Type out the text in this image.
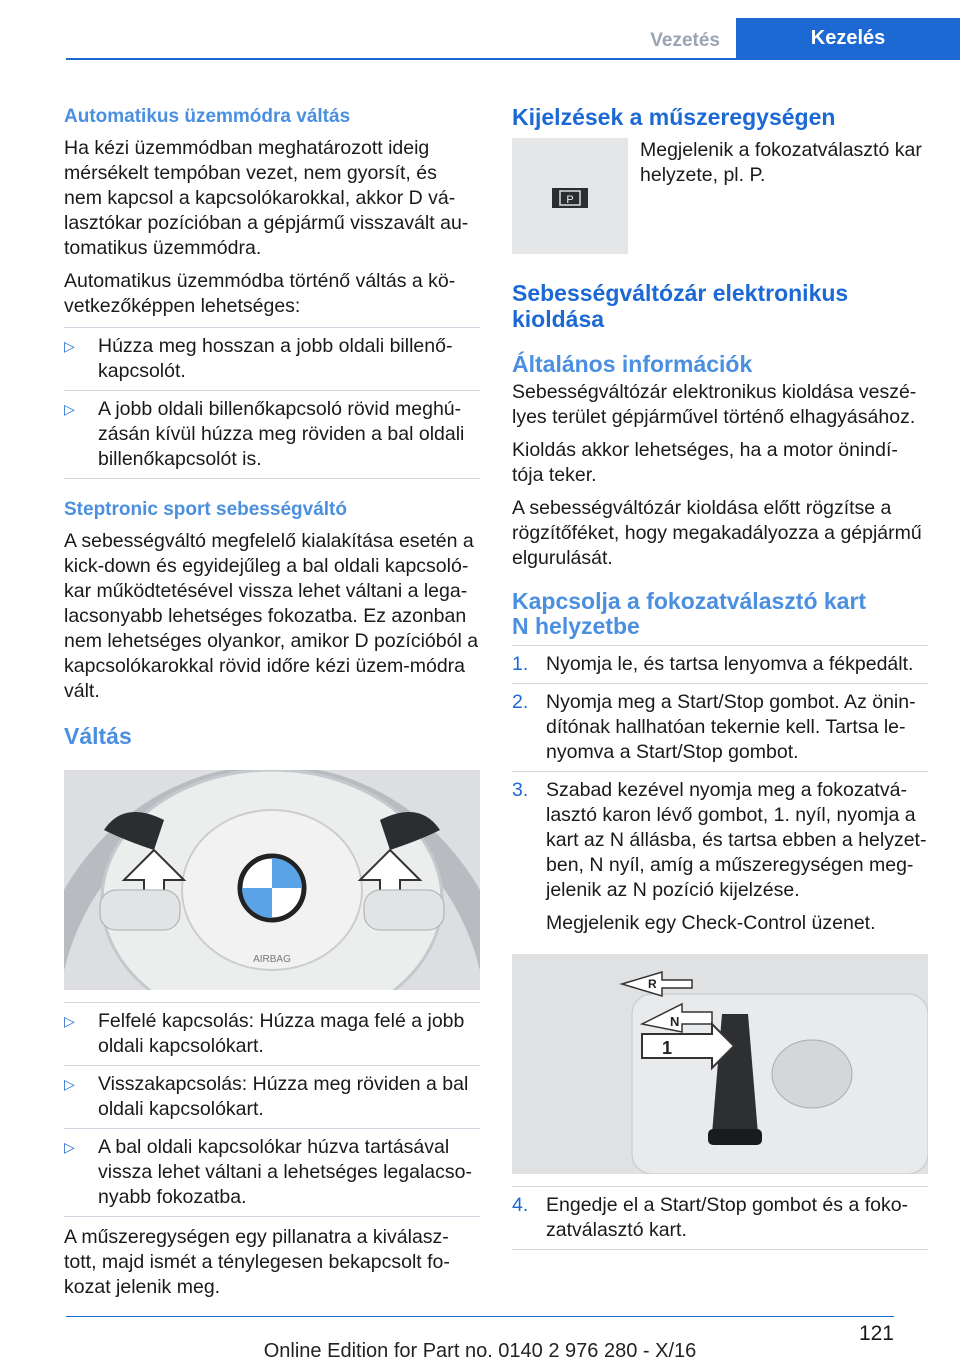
Vezetés	Kezelés
Automatikus üzemmódra váltás

Ha kézi üzemmódban meghatározott ideig mérsékelt tempóban vezet, nem gyorsít, és nem kapcsol a kapcsolókarokkal, akkor D vá-lasztókar pozícióban a gépjármű visszavált au-tomatikus üzemmódra.

Automatikus üzemmódba történő váltás a kö-vetkezőképpen lehetséges:

▷ Húzza meg hosszan a jobb oldali billenő-kapcsolót.
▷ A jobb oldali billenőkapcsoló rövid meghú-zásán kívül húzza meg röviden a bal oldali billenőkapcsolót is.
Steptronic sport sebességváltó

A sebességváltó megfelelő kialakítása esetén a kick-down és egyidejűleg a bal oldali kapcsoló-kar működtetésével vissza lehet váltani a lega-lacsonyabb lehetséges fokozatba. Ez azonban nem lehetséges olyankor, amikor D pozícióból a kapcsolókarokkal rövid időre kézi üzem-módra vált.

Váltás
AIRBAG
▷ Felfelé kapcsolás: Húzza maga felé a jobb oldali kapcsolókart.
▷ Visszakapcsolás: Húzza meg röviden a bal oldali kapcsolókart.
▷ A bal oldali kapcsolókar húzva tartásával vissza lehet váltani a lehetséges legalacso-nyabb fokozatba.

A műszeregységen egy pillanatra a kiválasz-tott, majd ismét a ténylegesen bekapcsolt fo-kozat jelenik meg.

Kijelzések a műszeregységen
P

Megjelenik a fokozatválasztó kar helyzete, pl. P.

Sebességváltózár elektronikus kioldása
Általános információk

Sebességváltózár elektronikus kioldása veszé-lyes terület gépjárművel történő elhagyásához.

Kioldás akkor lehetséges, ha a motor önindí-tója teker.

A sebességváltózár kioldása előtt rögzítse a rögzítőféket, hogy megakadályozza a gépjármű elgurulását.

Kapcsolja a fokozatválasztó kart
N helyzetbe
1. Nyomja le, és tartsa lenyomva a fékpedált.
2. Nyomja meg a Start/Stop gombot. Az önin-dítónak hallhatóan tekernie kell. Tartsa le-nyomva a Start/Stop gombot.
3. Szabad kezével nyomja meg a fokozatvá-lasztó karon lévő gombot, 1. nyíl, nyomja a kart az N állásba, és tartsa ebben a helyzet-ben, N nyíl, amíg a műszeregységen meg-jelenik az N pozíció kijelzése.
Megjelenik egy Check-Control üzenet.
R
N
1
4. Engedje el a Start/Stop gombot és a foko-zatválasztó kart.
121
Online Edition for Part no. 0140 2 976 280 - X/16
